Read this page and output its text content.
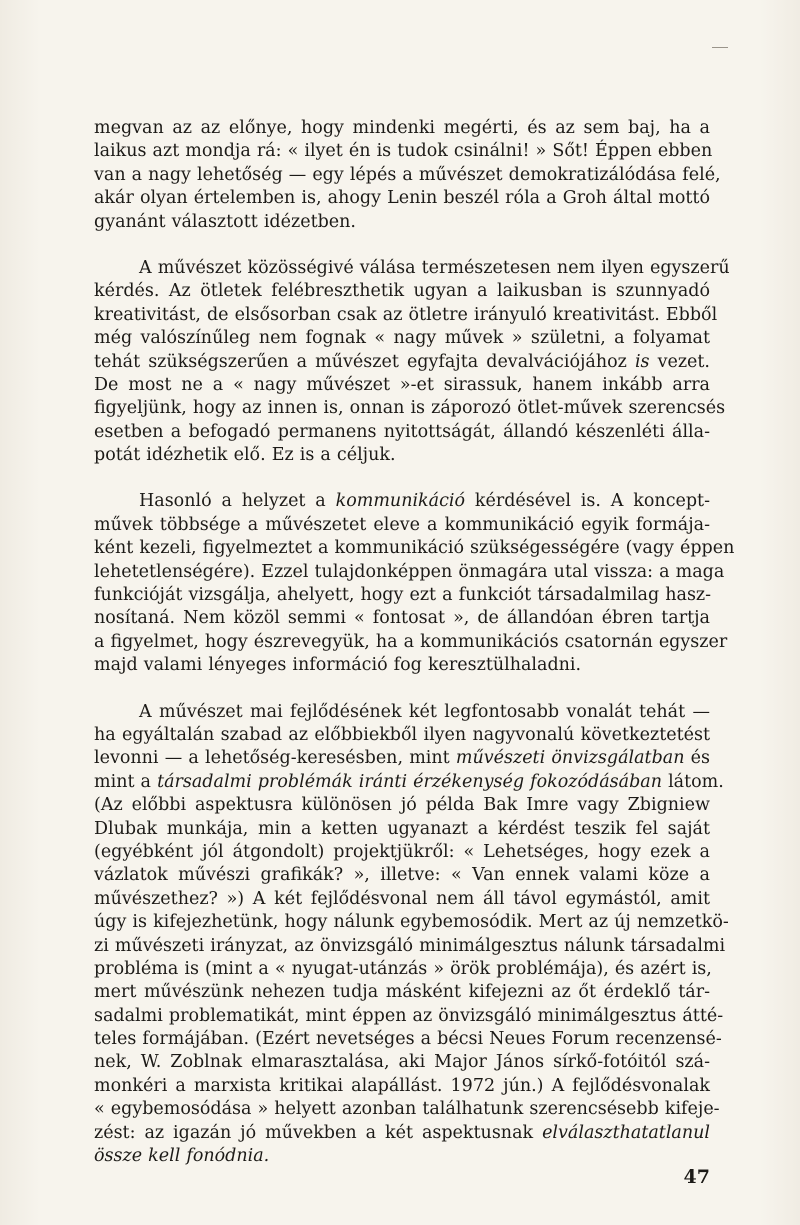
megvan az az előnye, hogy mindenki megérti, és az sem baj, ha a
laikus azt mondja rá: « ilyet én is tudok csinálni! » Sőt! Éppen ebben
van a nagy lehetőség — egy lépés a művészet demokratizálódása felé,
akár olyan értelemben is, ahogy Lenin beszél róla a Groh által mottó
gyanánt választott idézetben.

A művészet közösségivé válása természetesen nem ilyen egyszerű
kérdés. Az ötletek felébreszthetik ugyan a laikusban is szunnyadó
kreativitást, de elsősorban csak az ötletre irányuló kreativitást. Ebből
még valószínűleg nem fognak « nagy művek » születni, a folyamat
tehát szükségszerűen a művészet egyfajta devalvációjához is vezet.
De most ne a « nagy művészet »-et sirassuk, hanem inkább arra
figyeljünk, hogy az innen is, onnan is záporozó ötlet-művek szerencsés
esetben a befogadó permanens nyitottságát, állandó készenléti álla-
potát idézhetik elő. Ez is a céljuk.

Hasonló a helyzet a kommunikáció kérdésével is. A koncept-
művek többsége a művészetet eleve a kommunikáció egyik formája-
ként kezeli, figyelmeztet a kommunikáció szükségességére (vagy éppen
lehetetlenségére). Ezzel tulajdonképpen önmagára utal vissza: a maga
funkcióját vizsgálja, ahelyett, hogy ezt a funkciót társadalmilag hasz-
nosítaná. Nem közöl semmi « fontosat », de állandóan ébren tartja
a figyelmet, hogy észrevegyük, ha a kommunikációs csatornán egyszer
majd valami lényeges információ fog keresztülhaladni.

A művészet mai fejlődésének két legfontosabb vonalát tehát —
ha egyáltalán szabad az előbbiekből ilyen nagyvonalú következtetést
levonni — a lehetőség-keresésben, mint művészeti önvizsgálatban és
mint a társadalmi problémák iránti érzékenység fokozódásában látom.
(Az előbbi aspektusra különösen jó példa Bak Imre vagy Zbigniew
Dlubak munkája, min a ketten ugyanazt a kérdést teszik fel saját
(egyébként jól átgondolt) projektjükről: « Lehetséges, hogy ezek a
vázlatok művészi grafikák? », illetve: « Van ennek valami köze a
művészethez? ») A két fejlődésvonal nem áll távol egymástól, amit
úgy is kifejezhetünk, hogy nálunk egybemosódik. Mert az új nemzetkö-
zi művészeti irányzat, az önvizsgáló minimálgesztus nálunk társadalmi
probléma is (mint a « nyugat-utánzás » örök problémája), és azért is,
mert művészünk nehezen tudja másként kifejezni az őt érdeklő tár-
sadalmi problematikát, mint éppen az önvizsgáló minimálgesztus átté-
teles formájában. (Ezért nevetséges a bécsi Neues Forum recenzensé-
nek, W. Zoblnak elmarasztalása, aki Major János sírkő-fotóitól szá-
monkéri a marxista kritikai alapállást. 1972 jún.) A fejlődésvonalak
« egybemosódása » helyett azonban találhatunk szerencsésebb kifeje-
zést: az igazán jó művekben a két aspektusnak elválaszthatatlanul
össze kell fonódnia.

47
